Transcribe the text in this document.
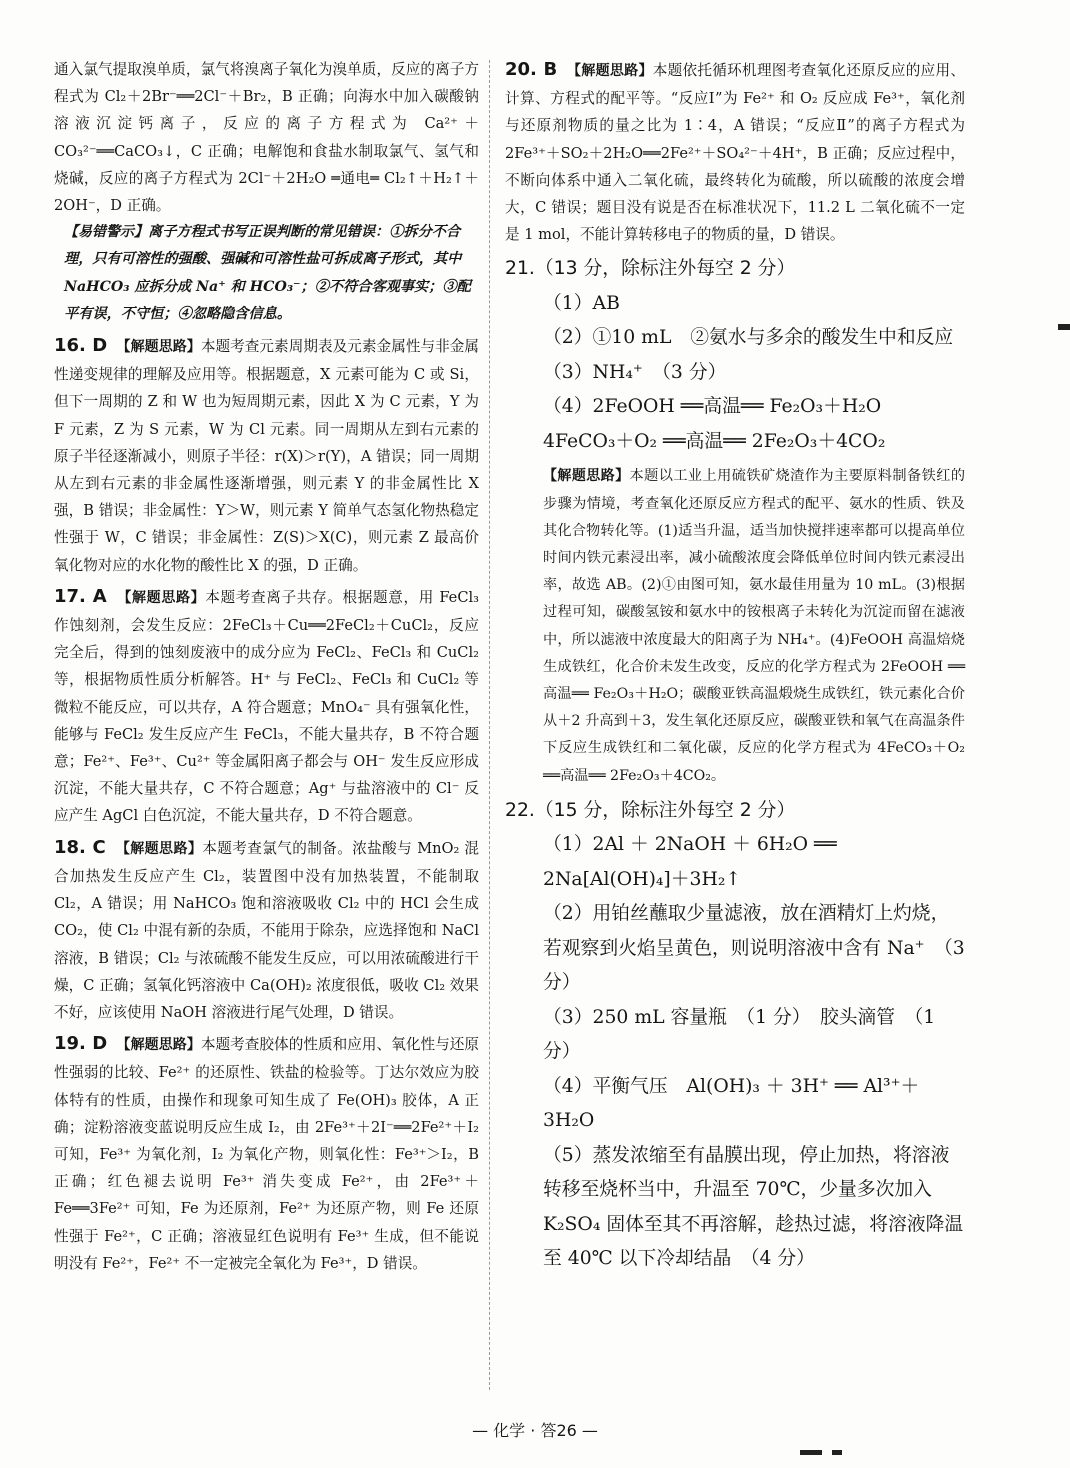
通入氯气提取溴单质，氯气将溴离子氧化为溴单质，反应的离子方程式为 Cl₂＋2Br⁻══2Cl⁻＋Br₂，B 正确；向海水中加入碳酸钠溶液沉淀钙离子，反应的离子方程式为 Ca²⁺＋CO₃²⁻══CaCO₃↓，C 正确；电解饱和食盐水制取氯气、氢气和烧碱，反应的离子方程式为 2Cl⁻＋2H₂O ═通电═ Cl₂↑＋H₂↑＋2OH⁻，D 正确。

【易错警示】离子方程式书写正误判断的常见错误：①拆分不合理，只有可溶性的强酸、强碱和可溶性盐可拆成离子形式，其中 NaHCO₃ 应拆分成 Na⁺ 和 HCO₃⁻；②不符合客观事实；③配平有误，不守恒；④忽略隐含信息。

16. D 【解题思路】本题考查元素周期表及元素金属性与非金属性递变规律的理解及应用等。根据题意，X 元素可能为 C 或 Si，但下一周期的 Z 和 W 也为短周期元素，因此 X 为 C 元素，Y 为 F 元素，Z 为 S 元素，W 为 Cl 元素。同一周期从左到右元素的原子半径逐渐减小，则原子半径：r(X)＞r(Y)，A 错误；同一周期从左到右元素的非金属性逐渐增强，则元素 Y 的非金属性比 X 强，B 错误；非金属性：Y＞W，则元素 Y 简单气态氢化物热稳定性强于 W，C 错误；非金属性：Z(S)＞X(C)，则元素 Z 最高价氧化物对应的水化物的酸性比 X 的强，D 正确。

17. A 【解题思路】本题考查离子共存。根据题意，用 FeCl₃ 作蚀刻剂，会发生反应：2FeCl₃＋Cu══2FeCl₂＋CuCl₂，反应完全后，得到的蚀刻废液中的成分应为 FeCl₂、FeCl₃ 和 CuCl₂ 等，根据物质性质分析解答。H⁺ 与 FeCl₂、FeCl₃ 和 CuCl₂ 等微粒不能反应，可以共存，A 符合题意；MnO₄⁻ 具有强氧化性，能够与 FeCl₂ 发生反应产生 FeCl₃，不能大量共存，B 不符合题意；Fe²⁺、Fe³⁺、Cu²⁺ 等金属阳离子都会与 OH⁻ 发生反应形成沉淀，不能大量共存，C 不符合题意；Ag⁺ 与盐溶液中的 Cl⁻ 反应产生 AgCl 白色沉淀，不能大量共存，D 不符合题意。

18. C 【解题思路】本题考查氯气的制备。浓盐酸与 MnO₂ 混合加热发生反应产生 Cl₂，装置图中没有加热装置，不能制取 Cl₂，A 错误；用 NaHCO₃ 饱和溶液吸收 Cl₂ 中的 HCl 会生成 CO₂，使 Cl₂ 中混有新的杂质，不能用于除杂，应选择饱和 NaCl 溶液，B 错误；Cl₂ 与浓硫酸不能发生反应，可以用浓硫酸进行干燥，C 正确；氢氧化钙溶液中 Ca(OH)₂ 浓度很低，吸收 Cl₂ 效果不好，应该使用 NaOH 溶液进行尾气处理，D 错误。

19. D 【解题思路】本题考查胶体的性质和应用、氧化性与还原性强弱的比较、Fe²⁺ 的还原性、铁盐的检验等。丁达尔效应为胶体特有的性质，由操作和现象可知生成了 Fe(OH)₃ 胶体，A 正确；淀粉溶液变蓝说明反应生成 I₂，由 2Fe³⁺＋2I⁻══2Fe²⁺＋I₂ 可知，Fe³⁺ 为氧化剂，I₂ 为氧化产物，则氧化性：Fe³⁺＞I₂，B 正确；红色褪去说明 Fe³⁺ 消失变成 Fe²⁺，由 2Fe³⁺＋Fe══3Fe²⁺ 可知，Fe 为还原剂，Fe²⁺ 为还原产物，则 Fe 还原性强于 Fe²⁺，C 正确；溶液显红色说明有 Fe³⁺ 生成，但不能说明没有 Fe²⁺，Fe²⁺ 不一定被完全氧化为 Fe³⁺，D 错误。

20. B 【解题思路】本题依托循环机理图考查氧化还原反应的应用、计算、方程式的配平等。“反应Ⅰ”为 Fe²⁺ 和 O₂ 反应成 Fe³⁺，氧化剂与还原剂物质的量之比为 1∶4，A 错误；“反应Ⅱ”的离子方程式为 2Fe³⁺＋SO₂＋2H₂O══2Fe²⁺＋SO₄²⁻＋4H⁺，B 正确；反应过程中，不断向体系中通入二氧化硫，最终转化为硫酸，所以硫酸的浓度会增大，C 错误；题目没有说是否在标准状况下，11.2 L 二氧化硫不一定是 1 mol，不能计算转移电子的物质的量，D 错误。

21.（13 分，除标注外每空 2 分）

（1）AB

（2）①10 mL　②氨水与多余的酸发生中和反应

（3）NH₄⁺　（3 分）

（4）2FeOOH ══高温══ Fe₂O₃＋H₂O　4FeCO₃＋O₂ ══高温══ 2Fe₂O₃＋4CO₂

【解题思路】本题以工业上用硫铁矿烧渣作为主要原料制备铁红的步骤为情境，考查氧化还原反应方程式的配平、氨水的性质、铁及其化合物转化等。(1)适当升温，适当加快搅拌速率都可以提高单位时间内铁元素浸出率，减小硫酸浓度会降低单位时间内铁元素浸出率，故选 AB。(2)①由图可知，氨水最佳用量为 10 mL。(3)根据过程可知，碳酸氢铵和氨水中的铵根离子未转化为沉淀而留在滤液中，所以滤液中浓度最大的阳离子为 NH₄⁺。(4)FeOOH 高温焙烧生成铁红，化合价未发生改变，反应的化学方程式为 2FeOOH ══高温══ Fe₂O₃＋H₂O；碳酸亚铁高温煅烧生成铁红，铁元素化合价从＋2 升高到＋3，发生氧化还原反应，碳酸亚铁和氧气在高温条件下反应生成铁红和二氧化碳，反应的化学方程式为 4FeCO₃＋O₂ ══高温══ 2Fe₂O₃＋4CO₂。

22.（15 分，除标注外每空 2 分）

（1）2Al ＋ 2NaOH ＋ 6H₂O ══ 2Na[Al(OH)₄]＋3H₂↑

（2）用铂丝蘸取少量滤液，放在酒精灯上灼烧，若观察到火焰呈黄色，则说明溶液中含有 Na⁺　（3 分）

（3）250 mL 容量瓶　（1 分）　胶头滴管　（1 分）

（4）平衡气压　Al(OH)₃ ＋ 3H⁺ ══ Al³⁺＋3H₂O

（5）蒸发浓缩至有晶膜出现，停止加热，将溶液转移至烧杯当中，升温至 70℃，少量多次加入 K₂SO₄ 固体至其不再溶解，趁热过滤，将溶液降温至 40℃ 以下冷却结晶　（4 分）

— 化学 · 答26 —
